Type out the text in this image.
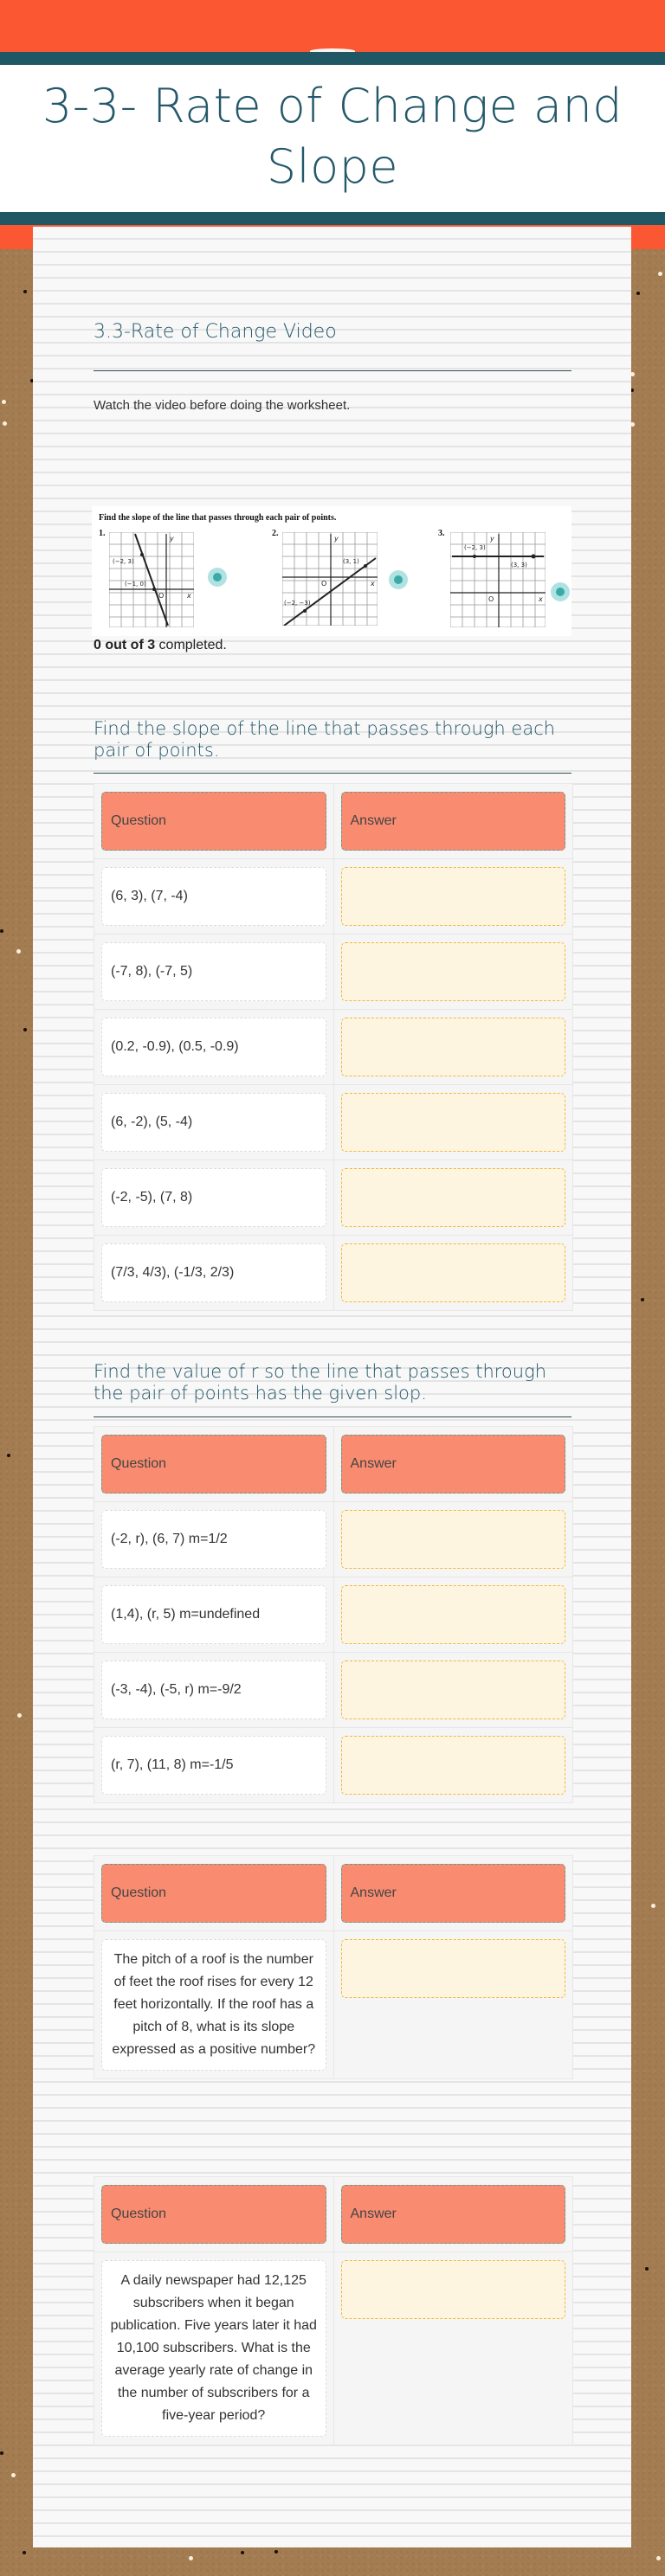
3-3- Rate of Change and Slope
3.3-Rate of Change Video
Watch the video before doing the worksheet.
Find the slope of the line that passes through each pair of points.
1.
(−2, 3)
(−1, 0)
O	x
y
2.
(3, 1)
(−2, −3)
O	x
y
3.
(−2, 3)
(3, 3)
O	x
y
0 out of 3 completed.
Find the slope of the line that passes through each pair of points.
Question	Answer
(6, 3), (7, -4)
(-7, 8), (-7, 5)
(0.2, -0.9), (0.5, -0.9)
(6, -2), (5, -4)
(-2, -5), (7, 8)
(7/3, 4/3), (-1/3, 2/3)
Find the value of r so the line that passes through the pair of points has the given slop.
Question	Answer
(-2, r), (6, 7) m=1/2
(1,4), (r, 5) m=undefined
(-3, -4), (-5, r) m=-9/2
(r, 7), (11, 8) m=-1/5
Question	Answer
The pitch of a roof is the number of feet the roof rises for every 12 feet horizontally. If the roof has a pitch of 8, what is its slope expressed as a positive number?
Question	Answer
A daily newspaper had 12,125 subscribers when it began publication. Five years later it had 10,100 subscribers. What is the average yearly rate of change in the number of subscribers for a five-year period?
